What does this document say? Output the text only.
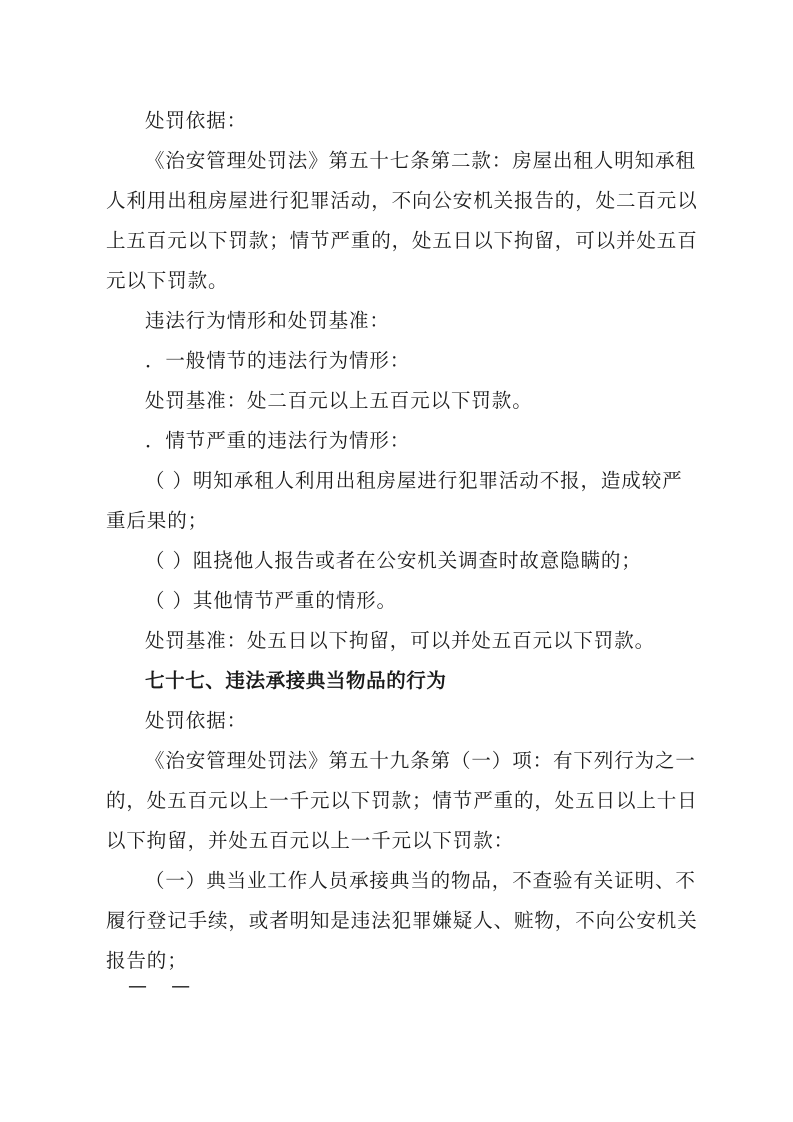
处罚依据：
《治安管理处罚法》第五十七条第二款：房屋出租人明知承租
人利用出租房屋进行犯罪活动，不向公安机关报告的，处二百元以
上五百元以下罚款；情节严重的，处五日以下拘留，可以并处五百
元以下罚款。
违法行为情形和处罚基准：
．一般情节的违法行为情形：
处罚基准：处二百元以上五百元以下罚款。
．情节严重的违法行为情形：
（ ）明知承租人利用出租房屋进行犯罪活动不报，造成较严
重后果的；
（ ）阻挠他人报告或者在公安机关调查时故意隐瞒的；
（ ）其他情节严重的情形。
处罚基准：处五日以下拘留，可以并处五百元以下罚款。
七十七、违法承接典当物品的行为
处罚依据：
《治安管理处罚法》第五十九条第（一）项：有下列行为之一
的，处五百元以上一千元以下罚款；情节严重的，处五日以上十日
以下拘留，并处五百元以上一千元以下罚款：
（一）典当业工作人员承接典当的物品，不查验有关证明、不
履行登记手续，或者明知是违法犯罪嫌疑人、赃物，不向公安机关
报告的；
—    —
